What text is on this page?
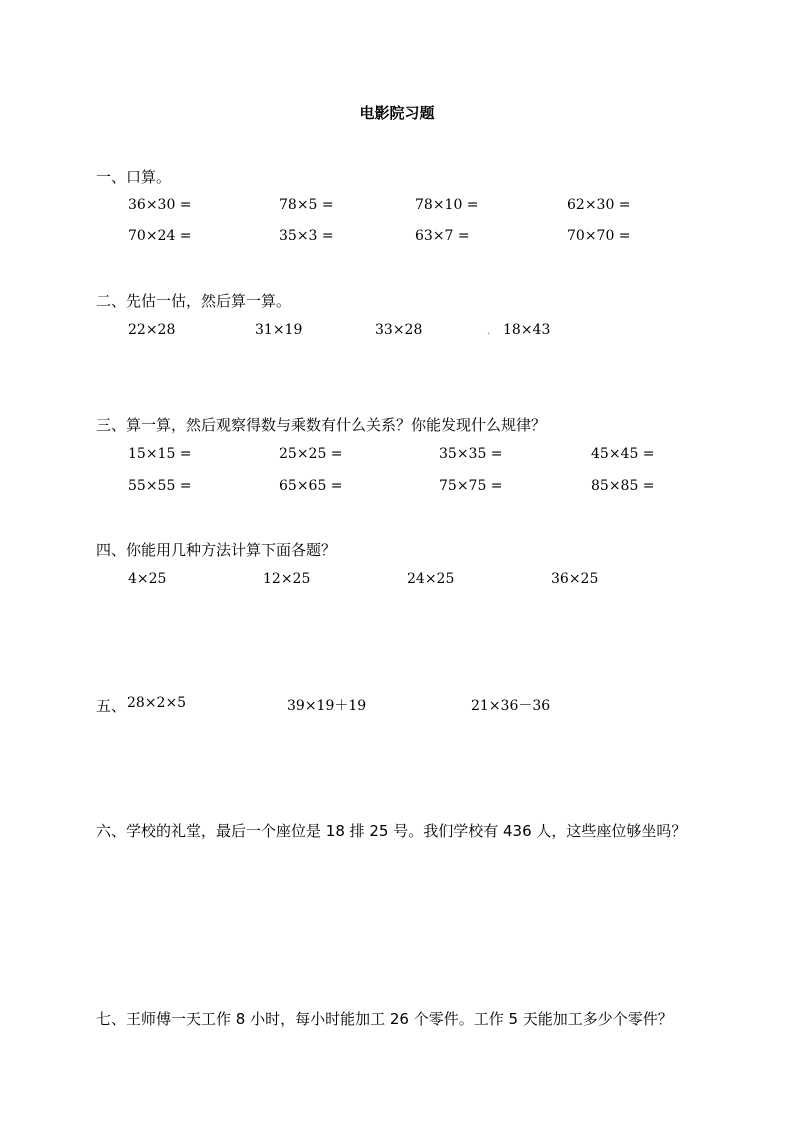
电影院习题
一、口算。
36×30 =	78×5 =	78×10 =	62×30 =
70×24 =	35×3 =	63×7 =	70×70 =
二、先估一估，然后算一算。
22×28	31×19	33×28	. 18×43
三、算一算，然后观察得数与乘数有什么关系？你能发现什么规律？
15×15 =	25×25 =	35×35 =	45×45 =
55×55 =	65×65 =	75×75 =	85×85 =
四、你能用几种方法计算下面各题？
4×25	12×25	24×25	36×25
五、 28×2×5	39×19＋19	21×36－36
六、学校的礼堂，最后一个座位是 18 排 25 号。我们学校有 436 人，这些座位够坐吗？
七、王师傅一天工作 8 小时，每小时能加工 26 个零件。工作 5 天能加工多少个零件？
